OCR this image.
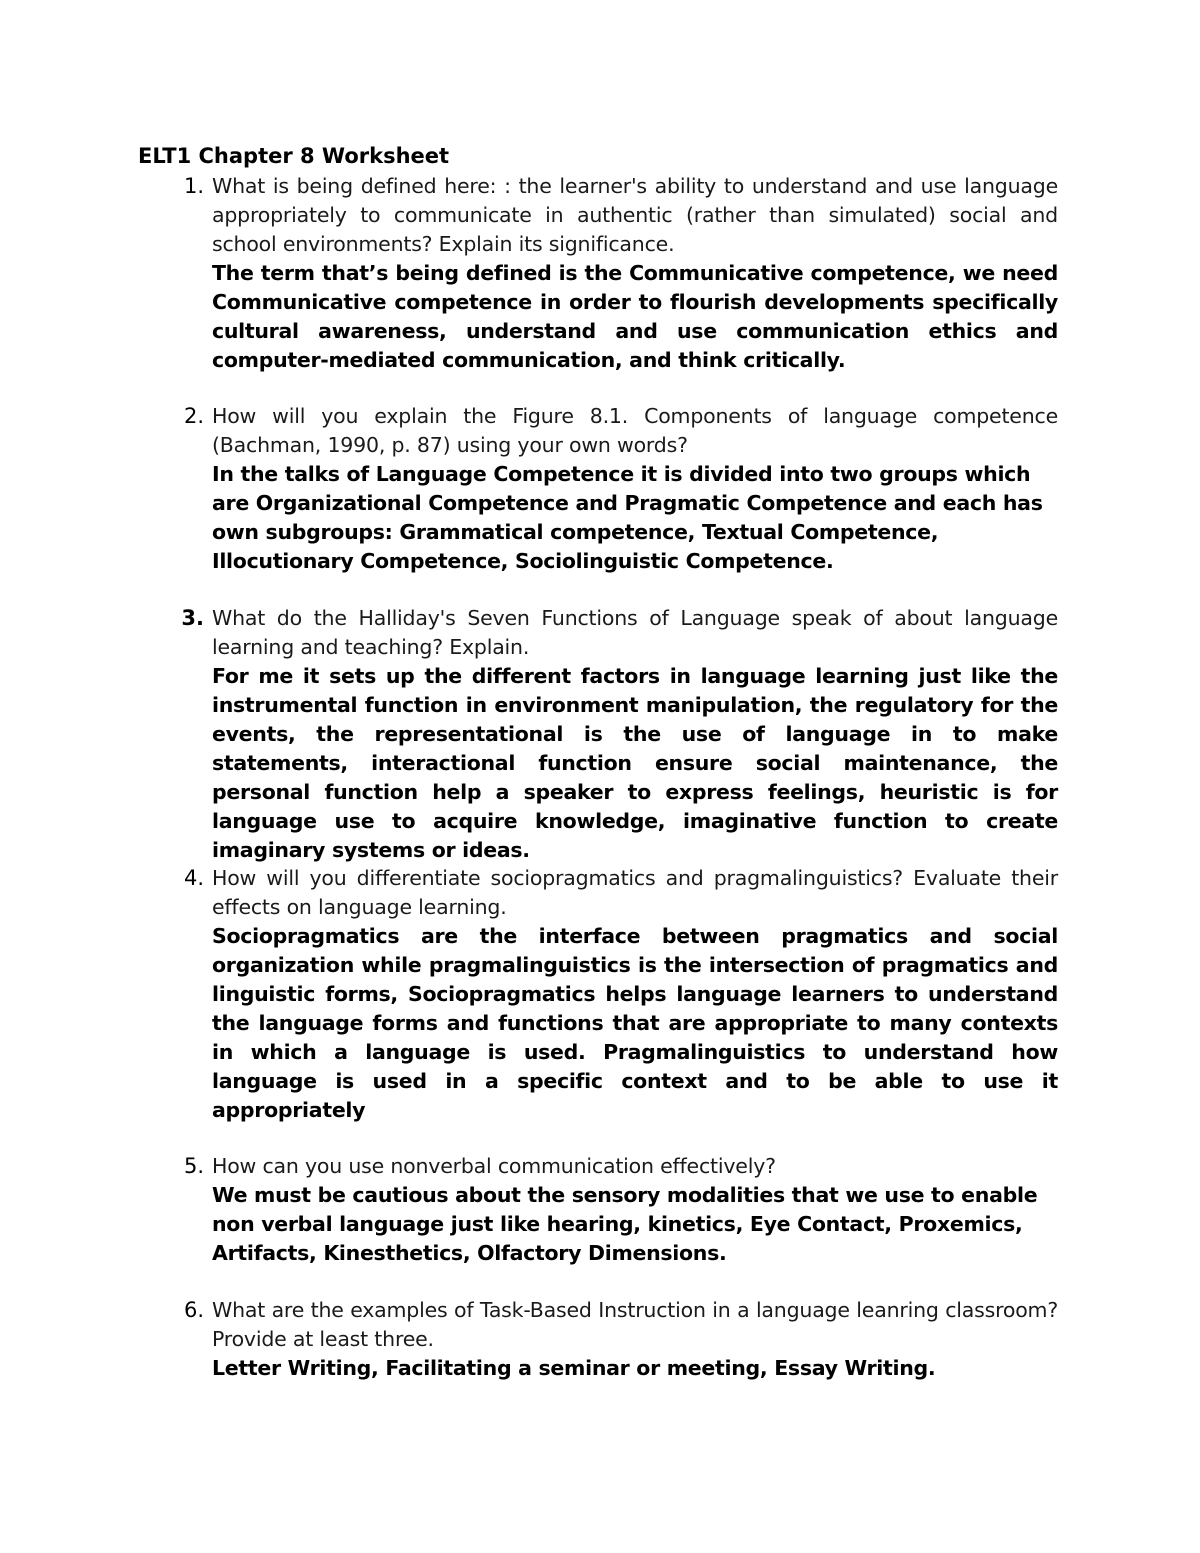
ELT1 Chapter 8 Worksheet
1. What is being defined here: : the learner's ability to understand and use language appropriately to communicate in authentic (rather than simulated) social and school environments? Explain its significance.
The term that’s being defined is the Communicative competence, we need Communicative competence in order to flourish developments specifically cultural awareness, understand and use communication ethics and computer-mediated communication, and think critically.
2. How will you explain the Figure 8.1. Components of language competence (Bachman, 1990, p. 87) using your own words?
In the talks of Language Competence it is divided into two groups which are Organizational Competence and Pragmatic Competence and each has own subgroups: Grammatical competence, Textual Competence, Illocutionary Competence, Sociolinguistic Competence.
3. What do the Halliday's Seven Functions of Language speak of about language learning and teaching? Explain.
For me it sets up the different factors in language learning just like the instrumental function in environment manipulation, the regulatory for the events, the representational is the use of language in to make statements, interactional function ensure social maintenance, the personal function help a speaker to express feelings, heuristic is for language use to acquire knowledge, imaginative function to create imaginary systems or ideas.
4. How will you differentiate sociopragmatics and pragmalinguistics? Evaluate their effects on language learning.
Sociopragmatics are the interface between pragmatics and social organization while pragmalinguistics is the intersection of pragmatics and linguistic forms, Sociopragmatics helps language learners to understand the language forms and functions that are appropriate to many contexts in which a language is used. Pragmalinguistics to understand how language is used in a specific context and to be able to use it appropriately
5. How can you use nonverbal communication effectively?
We must be cautious about the sensory modalities that we use to enable non verbal language just like hearing, kinetics, Eye Contact, Proxemics, Artifacts, Kinesthetics, Olfactory Dimensions.
6. What are the examples of Task-Based Instruction in a language leanring classroom? Provide at least three.
Letter Writing, Facilitating a seminar or meeting, Essay Writing.
